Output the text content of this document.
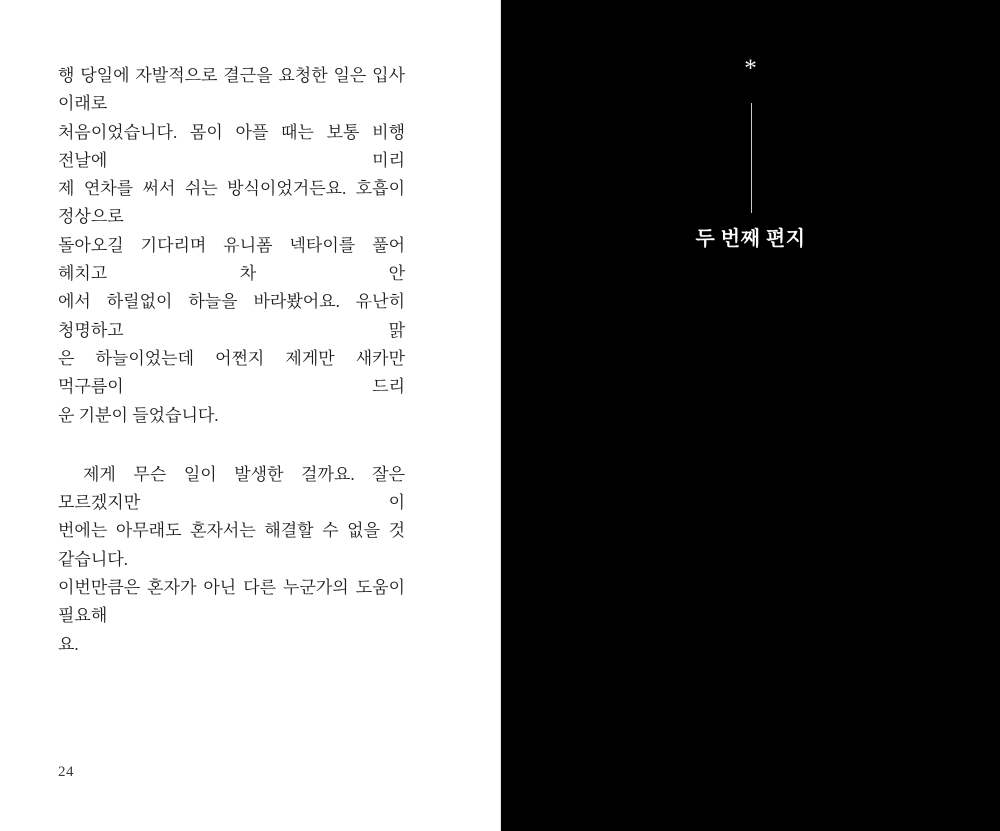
행 당일에 자발적으로 결근을 요청한 일은 입사 이래로
처음이었습니다. 몸이 아플 때는 보통 비행 전날에 미리
제 연차를 써서 쉬는 방식이었거든요. 호흡이 정상으로
돌아오길 기다리며 유니폼 넥타이를 풀어 헤치고 차 안
에서 하릴없이 하늘을 바라봤어요. 유난히 청명하고 맑
은 하늘이었는데 어쩐지 제게만 새카만 먹구름이 드리
운 기분이 들었습니다.
제게 무슨 일이 발생한 걸까요. 잘은 모르겠지만 이
번에는 아무래도 혼자서는 해결할 수 없을 것 같습니다.
이번만큼은 혼자가 아닌 다른 누군가의 도움이 필요해
요.
24
*
두 번째 편지
